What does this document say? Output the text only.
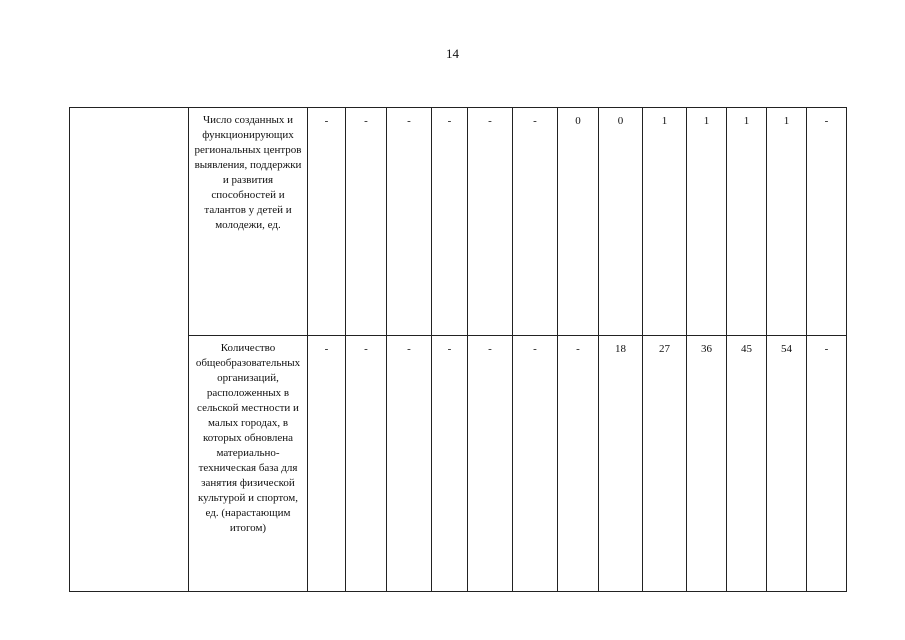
14

	Число созданных и функционирующих региональных центров выявления, поддержки и развития способностей и талантов у детей и молодежи, ед.	-	-	-	-	-	-	0	0	1	1	1	1	-

	Количество общеобразовательных организаций, расположенных в сельской местности и малых городах, в которых обновлена материально-техническая база для занятия физической культурой и спортом, ед. (нарастающим итогом)	-	-	-	-	-	-	-	18	27	36	45	54	-
